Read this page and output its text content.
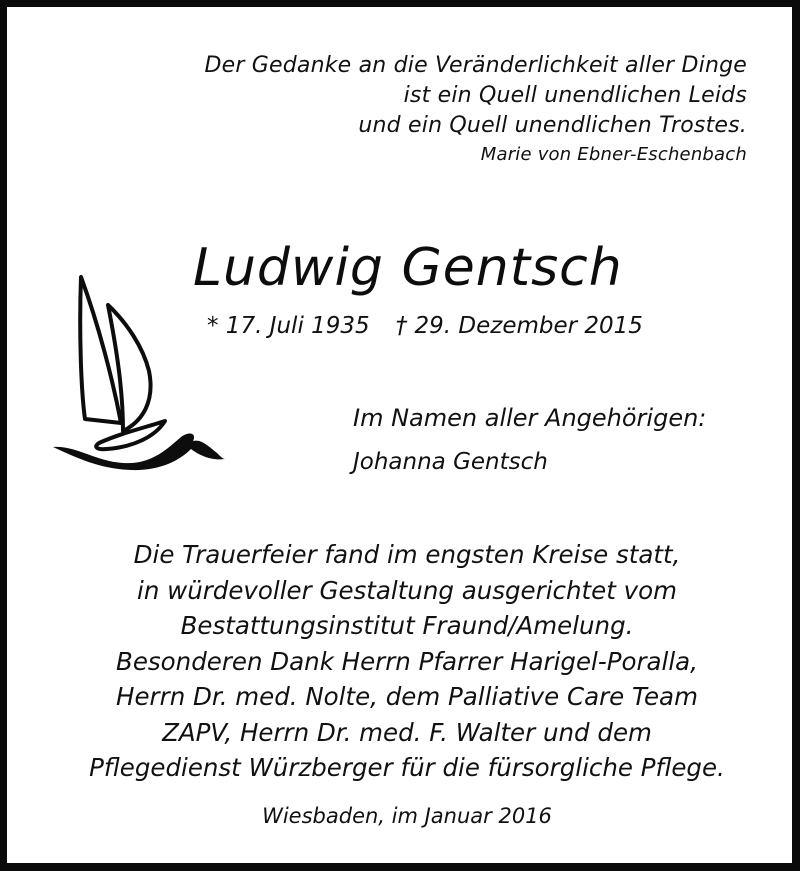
Der Gedanke an die Veränderlichkeit aller Dinge
ist ein Quell unendlichen Leids
und ein Quell unendlichen Trostes.
Marie von Ebner-Eschenbach
Ludwig Gentsch
* 17. Juli 1935 † 29. Dezember 2015
Im Namen aller Angehörigen:
Johanna Gentsch
Die Trauerfeier fand im engsten Kreise statt,
in würdevoller Gestaltung ausgerichtet vom
Bestattungsinstitut Fraund/Amelung.
Besonderen Dank Herrn Pfarrer Harigel-Poralla,
Herrn Dr. med. Nolte, dem Palliative Care Team
ZAPV, Herrn Dr. med. F. Walter und dem
Pflegedienst Würzberger für die fürsorgliche Pflege.
Wiesbaden, im Januar 2016
